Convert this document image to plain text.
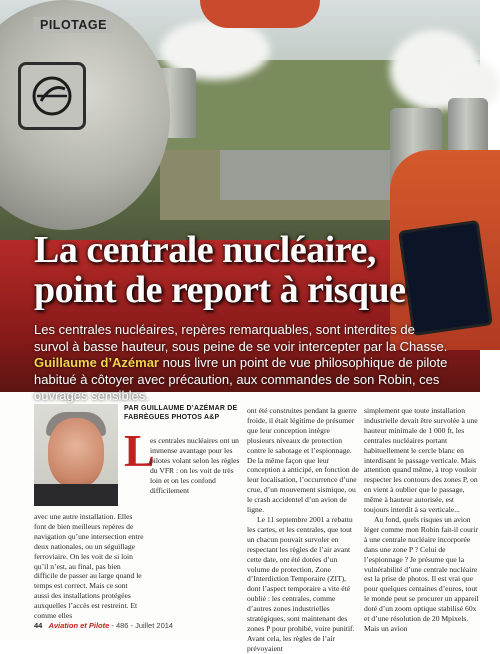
PILOTAGE
La centrale nucléaire,
point de report à risque

Les centrales nucléaires, repères remarquables, sont interdites de survol à basse hauteur, sous peine de se voir intercepter par la Chasse. Guillaume d’Azémar nous livre un point de vue philosophique de pilote habitué à côtoyer avec précaution, aux commandes de son Robin, ces ouvrages sensibles.

PAR GUILLAUME D’AZÉMAR DE FABRÈGUES PHOTOS A&P

L

es centrales nucléaires ont un immense avantage pour les pilotes volant selon les règles du VFR : on les voit de très loin et on les confond difficilement

avec une autre installation. Elles font de bien meilleurs repères de navigation qu’une intersection entre deux nationales, ou un séguillage ferroviaire. On les voit de si loin qu’il n’est, au final, pas bien difficile de passer au large quand le temps est correct. Mais ce sont aussi des installations protégées auxquelles l’accès est restreint. Et comme elles

ont été construites pendant la guerre froide, il était légitime de présumer que leur conception intègre plusieurs niveaux de protection contre le sabotage et l’espionnage. De la même façon que leur conception a anticipé, en fonction de leur localisation, l’occurrence d’une crue, d’un mouvement sismique, ou le crash accidentel d’un avion de ligne.

Le 11 septembre 2001 a rebattu les cartes, et les centrales, que tout un chacun pouvait survoler en respectant les règles de l’air avant cette date, ont été dotées d’un volume de protection, Zone d’Interdiction Temporaire (ZIT), dont l’aspect temporaire a vite été oublié : les centrales, comme d’autres zones industrielles stratégiques, sont maintenant des zones P pour prohibé, voire punitif. Avant cela, les règles de l’air prévoyaient

simplement que toute installation industrielle devait être survolée à une hauteur minimale de 1 000 ft, les centrales nucléaires portant habituellement le cercle blanc en interdisant le passage verticale. Mais attention quand même, à trop vouloir respecter les contours des zones P, on en vient à oublier que le passage, même à hauteur autorisée, est toujours interdit à sa verticale...

Au fond, quels risques un avion léger comme mon Robin fait-il courir à une centrale nucléaire incorporée dans une zone P ? Celui de l’espionnage ? Je présume que la vulnérabilité d’une centrale nucléaire est la prise de photos. Il est vrai que pour quelques centaines d’euros, tout le monde peut se procurer un appareil doté d’un zoom optique stabilisé 60x et d’une résolution de 20 Mpixels. Mais un avion

44 Aviation et Pilote - 486 - Juillet 2014
